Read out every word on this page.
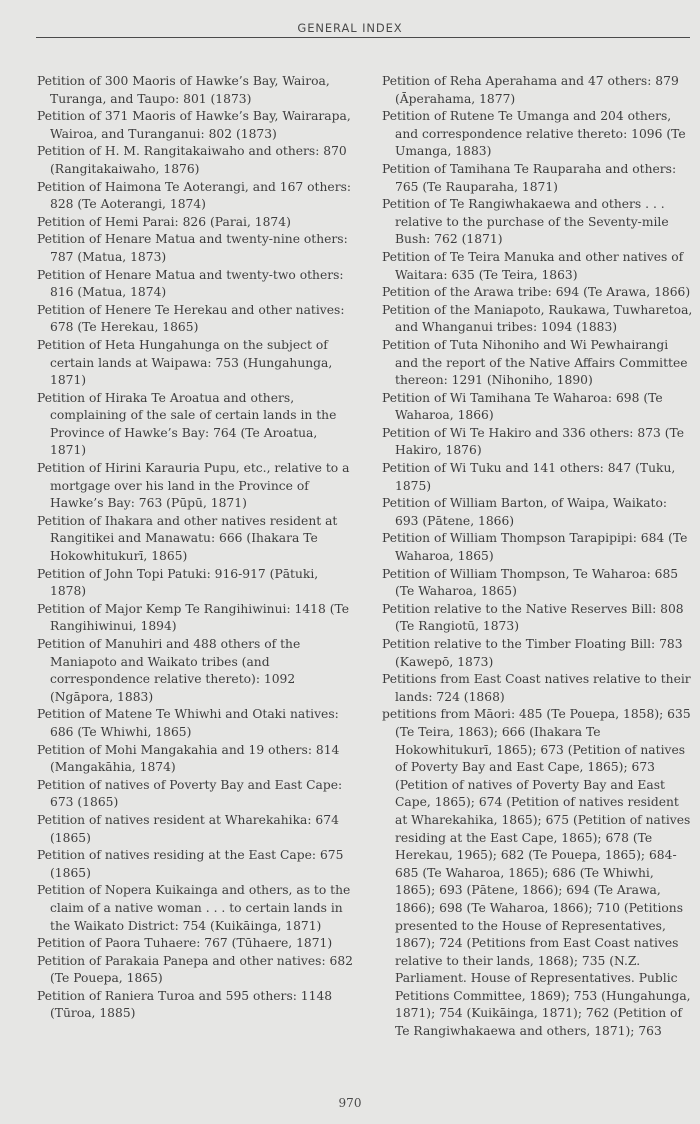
GENERAL INDEX

Petition of 300 Maoris of Hawke’s Bay, Wairoa, Turanga, and Taupo: 801 (1873)

Petition of 371 Maoris of Hawke’s Bay, Wairarapa, Wairoa, and Turanganui: 802 (1873)

Petition of H. M. Rangitakaiwaho and others: 870 (Rangitakaiwaho, 1876)

Petition of Haimona Te Aoterangi, and 167 others: 828 (Te Aoterangi, 1874)

Petition of Hemi Parai: 826 (Parai, 1874)

Petition of Henare Matua and twenty-nine others: 787 (Matua, 1873)

Petition of Henare Matua and twenty-two others: 816 (Matua, 1874)

Petition of Henere Te Herekau and other natives: 678 (Te Herekau, 1865)

Petition of Heta Hungahunga on the subject of certain lands at Waipawa: 753 (Hungahunga, 1871)

Petition of Hiraka Te Aroatua and others, complaining of the sale of certain lands in the Province of Hawke’s Bay: 764 (Te Aroatua, 1871)

Petition of Hirini Karauria Pupu, etc., relative to a mortgage over his land in the Province of Hawke’s Bay: 763 (Pūpū, 1871)

Petition of Ihakara and other natives resident at Rangitikei and Manawatu: 666 (Ihakara Te Hokowhitukurī, 1865)

Petition of John Topi Patuki: 916-917 (Pātuki, 1878)

Petition of Major Kemp Te Rangihiwinui: 1418 (Te Rangihiwinui, 1894)

Petition of Manuhiri and 488 others of the Maniapoto and Waikato tribes (and correspondence relative thereto): 1092 (Ngāpora, 1883)

Petition of Matene Te Whiwhi and Otaki natives: 686 (Te Whiwhi, 1865)

Petition of Mohi Mangakahia and 19 others: 814 (Mangakāhia, 1874)

Petition of natives of Poverty Bay and East Cape: 673 (1865)

Petition of natives resident at Wharekahika: 674 (1865)

Petition of natives residing at the East Cape: 675 (1865)

Petition of Nopera Kuikainga and others, as to the claim of a native woman . . . to certain lands in the Waikato District: 754 (Kuikāinga, 1871)

Petition of Paora Tuhaere: 767 (Tūhaere, 1871)

Petition of Parakaia Panepa and other natives: 682 (Te Pouepa, 1865)

Petition of Raniera Turoa and 595 others: 1148 (Tūroa, 1885)

Petition of Reha Aperahama and 47 others: 879 (Āperahama, 1877)

Petition of Rutene Te Umanga and 204 others, and correspondence relative thereto: 1096 (Te Umanga, 1883)

Petition of Tamihana Te Rauparaha and others: 765 (Te Rauparaha, 1871)

Petition of Te Rangiwhakaewa and others . . . relative to the purchase of the Seventy-mile Bush: 762 (1871)

Petition of Te Teira Manuka and other natives of Waitara: 635 (Te Teira, 1863)

Petition of the Arawa tribe: 694 (Te Arawa, 1866)

Petition of the Maniapoto, Raukawa, Tuwharetoa, and Whanganui tribes: 1094 (1883)

Petition of Tuta Nihoniho and Wi Pewhairangi and the report of the Native Affairs Committee thereon: 1291 (Nihoniho, 1890)

Petition of Wi Tamihana Te Waharoa: 698 (Te Waharoa, 1866)

Petition of Wi Te Hakiro and 336 others: 873 (Te Hakiro, 1876)

Petition of Wi Tuku and 141 others: 847 (Tuku, 1875)

Petition of William Barton, of Waipa, Waikato: 693 (Pātene, 1866)

Petition of William Thompson Tarapipipi: 684 (Te Waharoa, 1865)

Petition of William Thompson, Te Waharoa: 685 (Te Waharoa, 1865)

Petition relative to the Native Reserves Bill: 808 (Te Rangiotū, 1873)

Petition relative to the Timber Floating Bill: 783 (Kawepō, 1873)

Petitions from East Coast natives relative to their lands: 724 (1868)

petitions from Māori: 485 (Te Pouepa, 1858); 635 (Te Teira, 1863); 666 (Ihakara Te Hokowhitukurī, 1865); 673 (Petition of natives of Poverty Bay and East Cape, 1865); 673 (Petition of natives of Poverty Bay and East Cape, 1865); 674 (Petition of natives resident at Wharekahika, 1865); 675 (Petition of natives residing at the East Cape, 1865); 678 (Te Herekau, 1965); 682 (Te Pouepa, 1865); 684-685 (Te Waharoa, 1865); 686 (Te Whiwhi, 1865); 693 (Pātene, 1866); 694 (Te Arawa, 1866); 698 (Te Waharoa, 1866); 710 (Petitions presented to the House of Representatives, 1867); 724 (Petitions from East Coast natives relative to their lands, 1868); 735 (N.Z. Parliament. House of Representatives. Public Petitions Committee, 1869); 753 (Hungahunga, 1871); 754 (Kuikāinga, 1871); 762 (Petition of Te Rangiwhakaewa and others, 1871); 763

970
